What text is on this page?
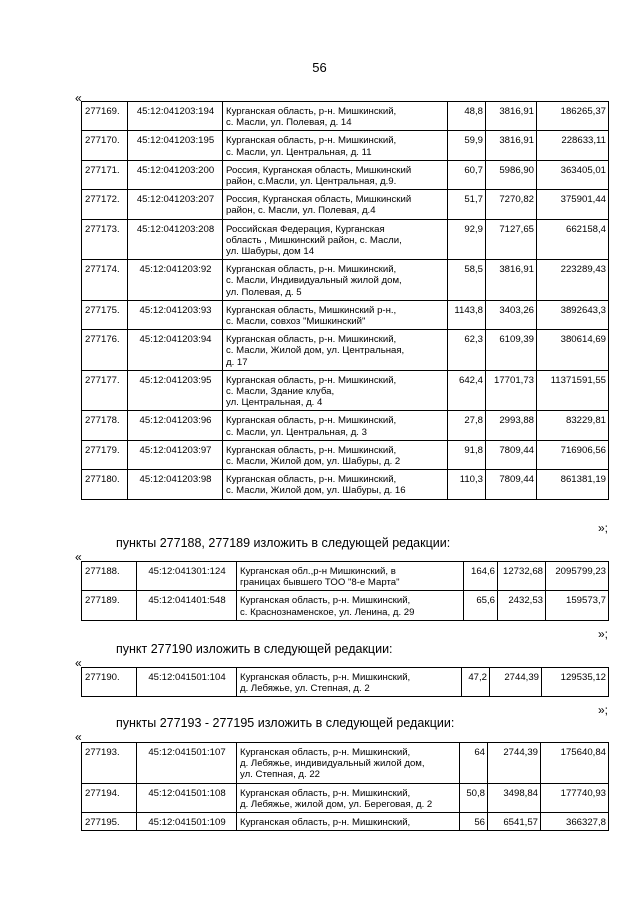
56
«
277169.	45:12:041203:194	Курганская область, р-н. Мишкинский,
с. Масли, ул. Полевая, д. 14	48,8	3816,91	186265,37
277170.	45:12:041203:195	Курганская область, р-н. Мишкинский,
с. Масли, ул. Центральная, д. 11	59,9	3816,91	228633,11
277171.	45:12:041203:200	Россия, Курганская область, Мишкинский
район, с.Масли, ул. Центральная, д.9.	60,7	5986,90	363405,01
277172.	45:12:041203:207	Россия, Курганская область, Мишкинский
район, с. Масли, ул. Полевая, д.4	51,7	7270,82	375901,44
277173.	45:12:041203:208	Российская Федерация, Курганская
область , Мишкинский район, с. Масли,
ул. Шабуры, дом 14	92,9	7127,65	662158,4
277174.	45:12:041203:92	Курганская область, р-н. Мишкинский,
с. Масли, Индивидуальный жилой дом,
ул. Полевая, д. 5	58,5	3816,91	223289,43
277175.	45:12:041203:93	Курганская область, Мишкинский р-н.,
с. Масли, совхоз "Мишкинский"	1143,8	3403,26	3892643,3
277176.	45:12:041203:94	Курганская область, р-н. Мишкинский,
с. Масли, Жилой дом, ул. Центральная,
д. 17	62,3	6109,39	380614,69
277177.	45:12:041203:95	Курганская область, р-н. Мишкинский,
с. Масли, Здание клуба,
ул. Центральная, д. 4	642,4	17701,73	11371591,55
277178.	45:12:041203:96	Курганская область, р-н. Мишкинский,
с. Масли, ул. Центральная, д. 3	27,8	2993,88	83229,81
277179.	45:12:041203:97	Курганская область, р-н. Мишкинский,
с. Масли, Жилой дом, ул. Шабуры, д. 2	91,8	7809,44	716906,56
277180.	45:12:041203:98	Курганская область, р-н. Мишкинский,
с. Масли, Жилой дом, ул. Шабуры, д. 16	110,3	7809,44	861381,19
»;
пункты 277188, 277189 изложить в следующей редакции:
«
277188.	45:12:041301:124	Курганская обл.,р-н Мишкинский, в
границах бывшего ТОО "8-е Марта"	164,6	12732,68	2095799,23
277189.	45:12:041401:548	Курганская область, р-н. Мишкинский,
с. Краснознаменское, ул. Ленина, д. 29	65,6	2432,53	159573,7
»;
пункт 277190 изложить в следующей редакции:
«
277190.	45:12:041501:104	Курганская область, р-н. Мишкинский,
д. Лебяжье, ул. Степная, д. 2
	47,2	2744,39	129535,12
»;
пункты 277193 - 277195 изложить в следующей редакции:
«
277193.	45:12:041501:107	Курганская область, р-н. Мишкинский,
д. Лебяжье, индивидуальный жилой дом,
ул. Степная, д. 22	64	2744,39	175640,84
277194.	45:12:041501:108	Курганская область, р-н. Мишкинский,
д. Лебяжье, жилой дом, ул. Береговая, д. 2	50,8	3498,84	177740,93
277195.	45:12:041501:109	Курганская область, р-н. Мишкинский,	56	6541,57	366327,8
